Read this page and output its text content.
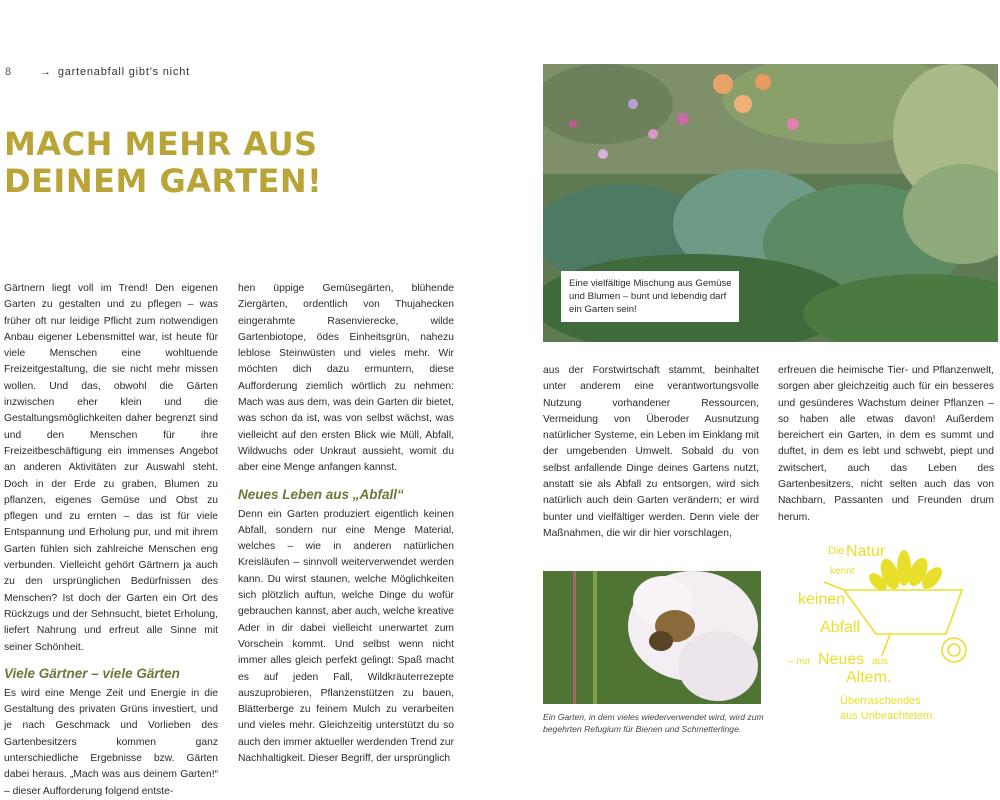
8	→ gartenabfall gibt's nicht
MACH MEHR AUS
DEINEM GARTEN!

Gärtnern liegt voll im Trend! Den eigenen Garten zu gestalten und zu pflegen – was früher oft nur leidige Pflicht zum notwendigen Anbau eigener Lebensmittel war, ist heute für viele Menschen eine wohltuende Freizeitgestaltung, die sie nicht mehr missen wollen. Und das, obwohl die Gärten inzwischen eher klein und die Gestaltungsmöglichkeiten daher begrenzt sind und den Menschen für ihre Freizeitbeschäftigung ein immenses Angebot an anderen Aktivitäten zur Auswahl steht. Doch in der Erde zu graben, Blumen zu pflanzen, eigenes Gemüse und Obst zu pflegen und zu ernten – das ist für viele Entspannung und Erholung pur, und mit ihrem Garten fühlen sich zahlreiche Menschen eng verbunden. Vielleicht gehört Gärtnern ja auch zu den ursprünglichen Bedürfnissen des Menschen? Ist doch der Garten ein Ort des Rückzugs und der Sehnsucht, bietet Erholung, liefert Nahrung und erfreut alle Sinne mit seiner Schönheit.

Viele Gärtner – viele Gärten

Es wird eine Menge Zeit und Energie in die Gestaltung des privaten Grüns investiert, und je nach Geschmack und Vorlieben des Gartenbesitzers kommen ganz unterschiedliche Ergebnisse bzw. Gärten dabei heraus. „Mach was aus deinem Garten!“ – dieser Aufforderung folgend entste-

hen üppige Gemüsegärten, blühende Ziergärten, ordentlich von Thujahecken eingerahmte Rasenvierecke, wilde Gartenbiotope, ödes Einheitsgrün, nahezu leblose Steinwüsten und vieles mehr. Wir möchten dich dazu ermuntern, diese Aufforderung ziemlich wörtlich zu nehmen: Mach was aus dem, was dein Garten dir bietet, was schon da ist, was von selbst wächst, was vielleicht auf den ersten Blick wie Müll, Abfall, Wildwuchs oder Unkraut aussieht, womit du aber eine Menge anfangen kannst.

Neues Leben aus „Abfall“

Denn ein Garten produziert eigentlich keinen Abfall, sondern nur eine Menge Material, welches – wie in anderen natürlichen Kreisläufen – sinnvoll weiterverwendet werden kann. Du wirst staunen, welche Möglichkeiten sich plötzlich auftun, welche Dinge du wofür gebrauchen kannst, aber auch, welche kreative Ader in dir dabei vielleicht unerwartet zum Vorschein kommt. Und selbst wenn nicht immer alles gleich perfekt gelingt: Spaß macht es auf jeden Fall, Wildkräuterrezepte auszuprobieren, Pflanzenstützen zu bauen, Blätterberge zu feinem Mulch zu verarbeiten und vieles mehr. Gleichzeitig unterstützt du so auch den immer aktueller werdenden Trend zur Nachhaltigkeit. Dieser Begriff, der ursprünglich

Eine vielfältige Mischung aus Gemüse und Blumen – bunt und lebendig darf ein Garten sein!

aus der Forstwirtschaft stammt, beinhaltet unter anderem eine verantwortungsvolle Nutzung vorhandener Ressourcen, Vermeidung von Überoder Ausnutzung natürlicher Systeme, ein Leben im Einklang mit der umgebenden Umwelt. Sobald du von selbst anfallende Dinge deines Gartens nutzt, anstatt sie als Abfall zu entsorgen, wird sich natürlich auch dein Garten verändern; er wird bunter und vielfältiger werden. Denn viele der Maßnahmen, die wir dir hier vorschlagen,

erfreuen die heimische Tier- und Pflanzenwelt, sorgen aber gleichzeitig auch für ein besseres und gesünderes Wachstum deiner Pflanzen – so haben alle etwas davon! Außerdem bereichert ein Garten, in dem es summt und duftet, in dem es lebt und schwebt, piept und zwitschert, auch das Leben des Gartenbesitzers, nicht selten auch das von Nachbarn, Passanten und Freunden drum herum.

Ein Garten, in dem vieles wiederverwendet wird, wird zum begehrten Refugium für Bienen und Schmetterlinge.
Die Natur
kennt
keinen
Abfall
– nur Neues aus
Altem.
Überraschendes
aus Unbeachtetem.
